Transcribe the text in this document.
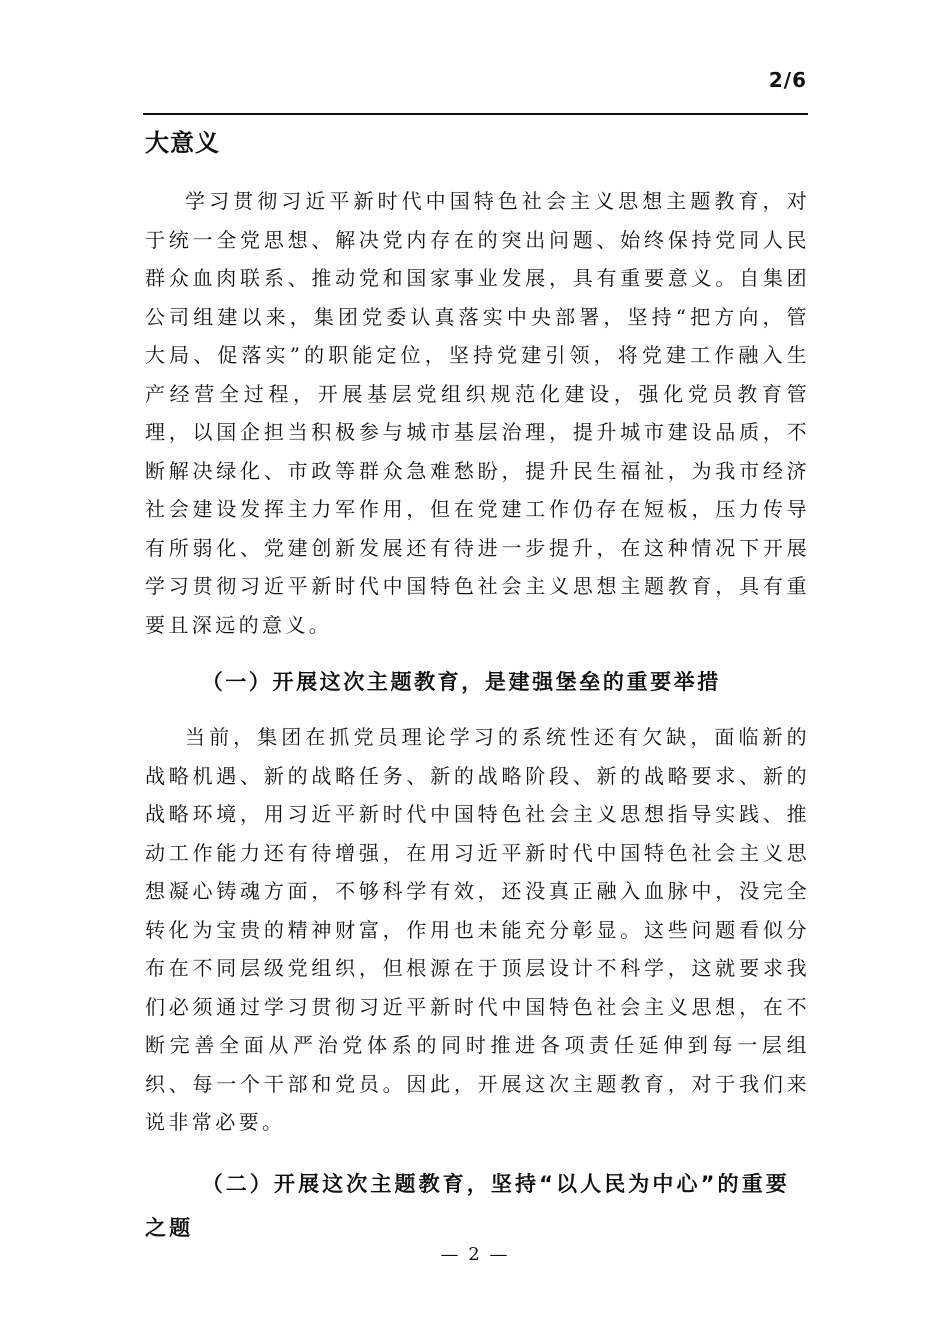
2/6
大意义

学习贯彻习近平新时代中国特色社会主义思想主题教育，对于统一全党思想、解决党内存在的突出问题、始终保持党同人民群众血肉联系、推动党和国家事业发展，具有重要意义。自集团公司组建以来，集团党委认真落实中央部署，坚持“把方向，管大局、促落实”的职能定位，坚持党建引领，将党建工作融入生产经营全过程，开展基层党组织规范化建设，强化党员教育管理，以国企担当积极参与城市基层治理，提升城市建设品质，不断解决绿化、市政等群众急难愁盼，提升民生福祉，为我市经济社会建设发挥主力军作用，但在党建工作仍存在短板，压力传导有所弱化、党建创新发展还有待进一步提升，在这种情况下开展学习贯彻习近平新时代中国特色社会主义思想主题教育，具有重要且深远的意义。

（一）开展这次主题教育，是建强堡垒的重要举措

当前，集团在抓党员理论学习的系统性还有欠缺，面临新的战略机遇、新的战略任务、新的战略阶段、新的战略要求、新的战略环境，用习近平新时代中国特色社会主义思想指导实践、推动工作能力还有待增强，在用习近平新时代中国特色社会主义思想凝心铸魂方面，不够科学有效，还没真正融入血脉中，没完全转化为宝贵的精神财富，作用也未能充分彰显。这些问题看似分布在不同层级党组织，但根源在于顶层设计不科学，这就要求我们必须通过学习贯彻习近平新时代中国特色社会主义思想，在不断完善全面从严治党体系的同时推进各项责任延伸到每一层组织、每一个干部和党员。因此，开展这次主题教育，对于我们来说非常必要。

（二）开展这次主题教育，坚持“以人民为中心”的重要之题
— 2 —
